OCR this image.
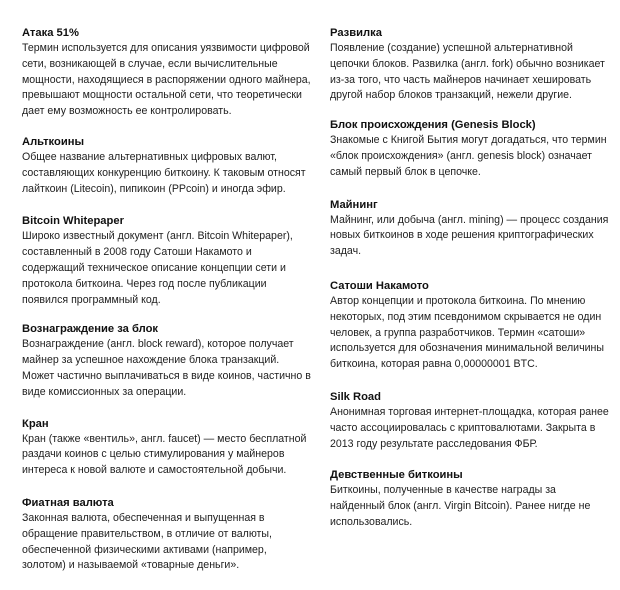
Атака 51%

Термин используется для описания уязвимости цифровой сети, возникающей в случае, если вычислительные мощности, находящиеся в распоряжении одного майнера, превышают мощности остальной сети, что теоретически дает ему возможность ее контролировать.

Альткоины

Общее название альтернативных цифровых валют, составляющих конкуренцию биткоину. К таковым относят лайткоин (Litecoin), пипикоин (PPcoin) и иногда эфир.

Bitcoin Whitepaper

Широко известный документ (англ. Bitcoin Whitepaper), составленный в 2008 году Сатоши Накамото и содержащий техническое описание концепции сети и протокола биткоина. Через год после публикации появился программный код.

Вознаграждение за блок

Вознаграждение (англ. block reward), которое получает майнер за успешное нахождение блока транзакций. Может частично выплачиваться в виде коинов, частично в виде комиссионных за операции.

Кран

Кран (также «вентиль», англ. faucet) — место бесплатной раздачи коинов с целью стимулирования у майнеров интереса к новой валюте и самостоятельной добычи.

Фиатная валюта

Законная валюта, обеспеченная и выпущенная в обращение правительством, в отличие от валюты, обеспеченной физическими активами (например, золотом) и называемой «товарные деньги».

Развилка

Появление (создание) успешной альтернативной цепочки блоков. Развилка (англ. fork) обычно возникает из-за того, что часть майнеров начинает хешировать другой набор блоков транзакций, нежели другие.

Блок происхождения (Genesis Block)

Знакомые с Книгой Бытия могут догадаться, что термин «блок происхождения» (англ. genesis block) означает самый первый блок в цепочке.

Майнинг

Майнинг, или добыча (англ. mining) — процесс создания новых биткоинов в ходе решения криптографических задач.

Сатоши Накамото

Автор концепции и протокола биткоина. По мнению некоторых, под этим псевдонимом скрывается не один человек, а группа разработчиков. Термин «сатоши» используется для обозначения минимальной величины биткоина, которая равна 0,00000001 BTC.

Silk Road

Анонимная торговая интернет-площадка, которая ранее часто ассоциировалась с криптовалютами. Закрыта в 2013 году результате расследования ФБР.

Девственные биткоины

Биткоины, полученные в качестве награды за найденный блок (англ. Virgin Bitcoin). Ранее нигде не использовались.
